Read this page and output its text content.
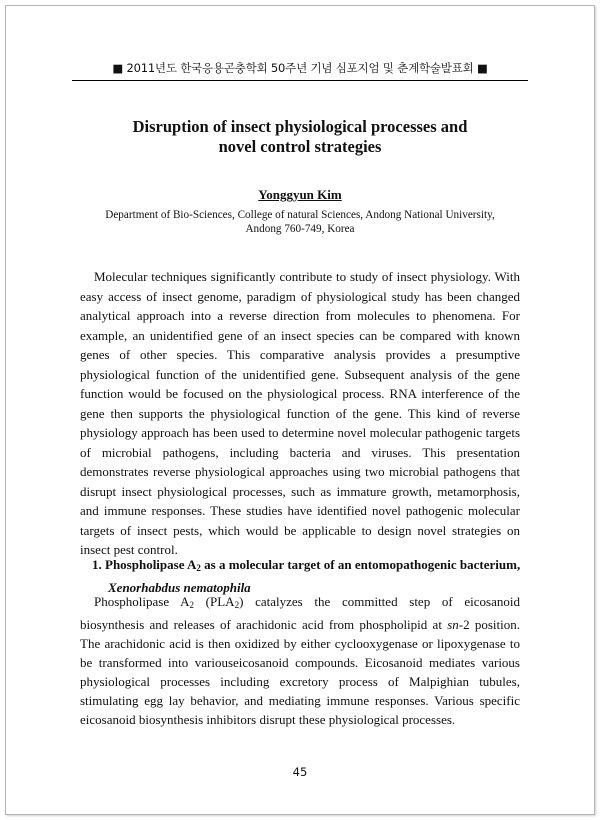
■ 2011년도 한국응용곤충학회 50주년 기념 심포지엄 및 춘계학술발표회 ■
Disruption of insect physiological processes and
novel control strategies
Yonggyun Kim
Department of Bio-Sciences, College of natural Sciences, Andong National University,
Andong 760-749, Korea

Molecular techniques significantly contribute to study of insect physiology. With easy access of insect genome, paradigm of physiological study has been changed analytical approach into a reverse direction from molecules to phenomena. For example, an unidentified gene of an insect species can be compared with known genes of other species. This comparative analysis provides a presumptive physiological function of the unidentified gene. Subsequent analysis of the gene function would be focused on the physiological process. RNA interference of the gene then supports the physiological function of the gene. This kind of reverse physiology approach has been used to determine novel molecular pathogenic targets of microbial pathogens, including bacteria and viruses. This presentation demonstrates reverse physiological approaches using two microbial pathogens that disrupt insect physiological processes, such as immature growth, metamorphosis, and immune responses. These studies have identified novel pathogenic molecular targets of insect pests, which would be applicable to design novel strategies on insect pest control.

1. Phospholipase $A_2$ as a molecular target of an entomopathogenic bacterium,
Xenorhabdus nematophila

Phospholipase $A_2$ $(PLA_2)$ catalyzes the committed step of eicosanoid biosynthesis and releases of arachidonic acid from phospholipid at sn-2 position. The arachidonic acid is then oxidized by either cyclooxygenase or lipoxygenase to be transformed into variouseicosanoid compounds. Eicosanoid mediates various physiological processes including excretory process of Malpighian tubules, stimulating egg lay behavior, and mediating immune responses. Various specific eicosanoid biosynthesis inhibitors disrupt these physiological processes.

45
